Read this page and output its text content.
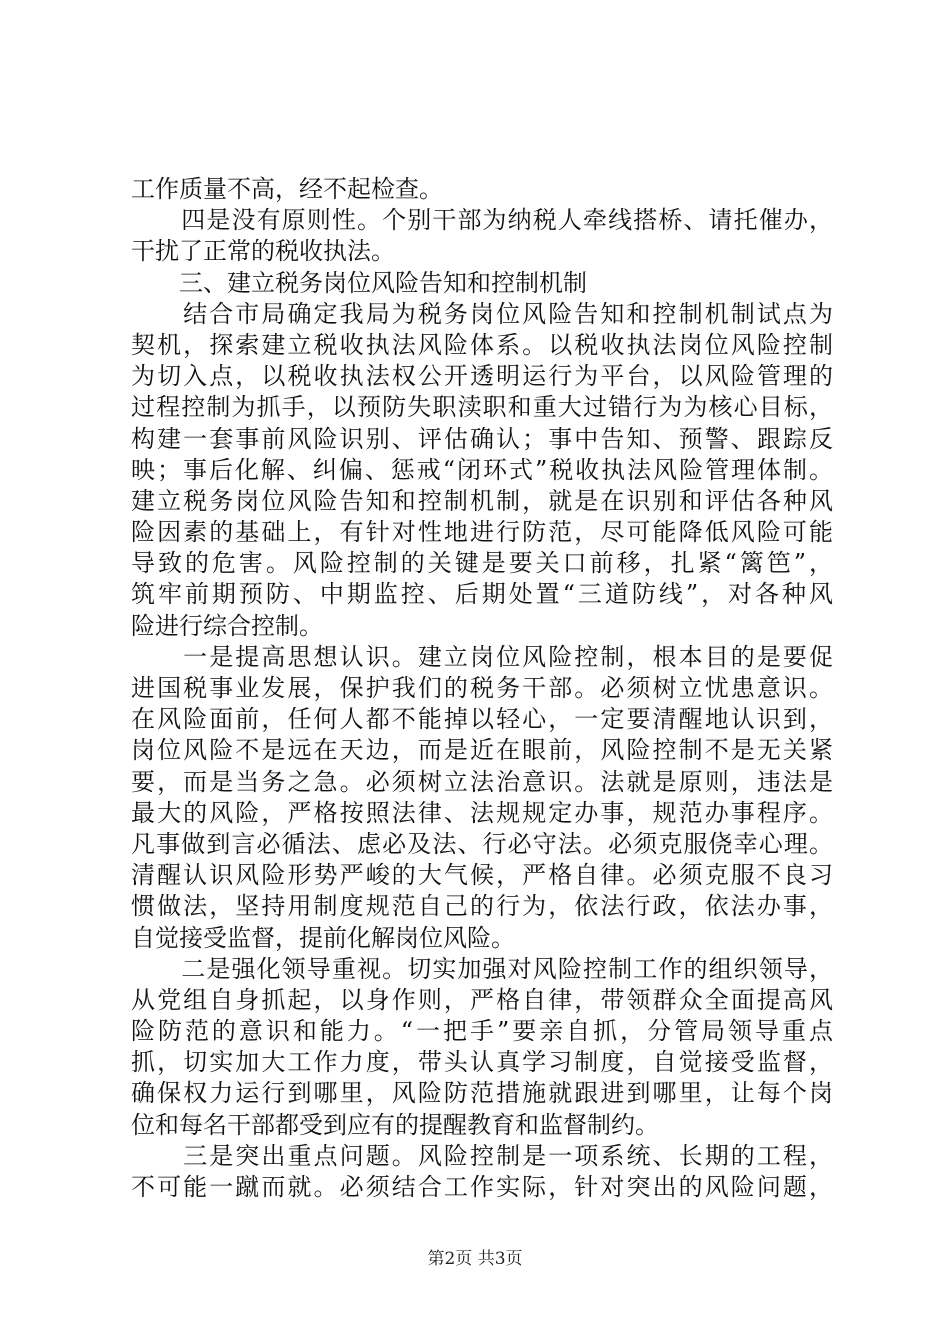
工作质量不高，经不起检查。
　　四是没有原则性。个别干部为纳税人牵线搭桥、请托催办，
干扰了正常的税收执法。
　　三、建立税务岗位风险告知和控制机制
　　结合市局确定我局为税务岗位风险告知和控制机制试点为
契机，探索建立税收执法风险体系。以税收执法岗位风险控制
为切入点，以税收执法权公开透明运行为平台，以风险管理的
过程控制为抓手，以预防失职渎职和重大过错行为为核心目标，
构建一套事前风险识别、评估确认；事中告知、预警、跟踪反
映；事后化解、纠偏、惩戒“闭环式”税收执法风险管理体制。
建立税务岗位风险告知和控制机制，就是在识别和评估各种风
险因素的基础上，有针对性地进行防范，尽可能降低风险可能
导致的危害。风险控制的关键是要关口前移，扎紧“篱笆”，
筑牢前期预防、中期监控、后期处置“三道防线”，对各种风
险进行综合控制。
　　一是提高思想认识。建立岗位风险控制，根本目的是要促
进国税事业发展，保护我们的税务干部。必须树立忧患意识。
在风险面前，任何人都不能掉以轻心，一定要清醒地认识到，
岗位风险不是远在天边，而是近在眼前，风险控制不是无关紧
要，而是当务之急。必须树立法治意识。法就是原则，违法是
最大的风险，严格按照法律、法规规定办事，规范办事程序。
凡事做到言必循法、虑必及法、行必守法。必须克服侥幸心理。
清醒认识风险形势严峻的大气候，严格自律。必须克服不良习
惯做法，坚持用制度规范自己的行为，依法行政，依法办事，
自觉接受监督，提前化解岗位风险。
　　二是强化领导重视。切实加强对风险控制工作的组织领导，
从党组自身抓起，以身作则，严格自律，带领群众全面提高风
险防范的意识和能力。“一把手”要亲自抓，分管局领导重点
抓，切实加大工作力度，带头认真学习制度，自觉接受监督，
确保权力运行到哪里，风险防范措施就跟进到哪里，让每个岗
位和每名干部都受到应有的提醒教育和监督制约。
　　三是突出重点问题。风险控制是一项系统、长期的工程，
不可能一蹴而就。必须结合工作实际，针对突出的风险问题，
第2页 共3页
